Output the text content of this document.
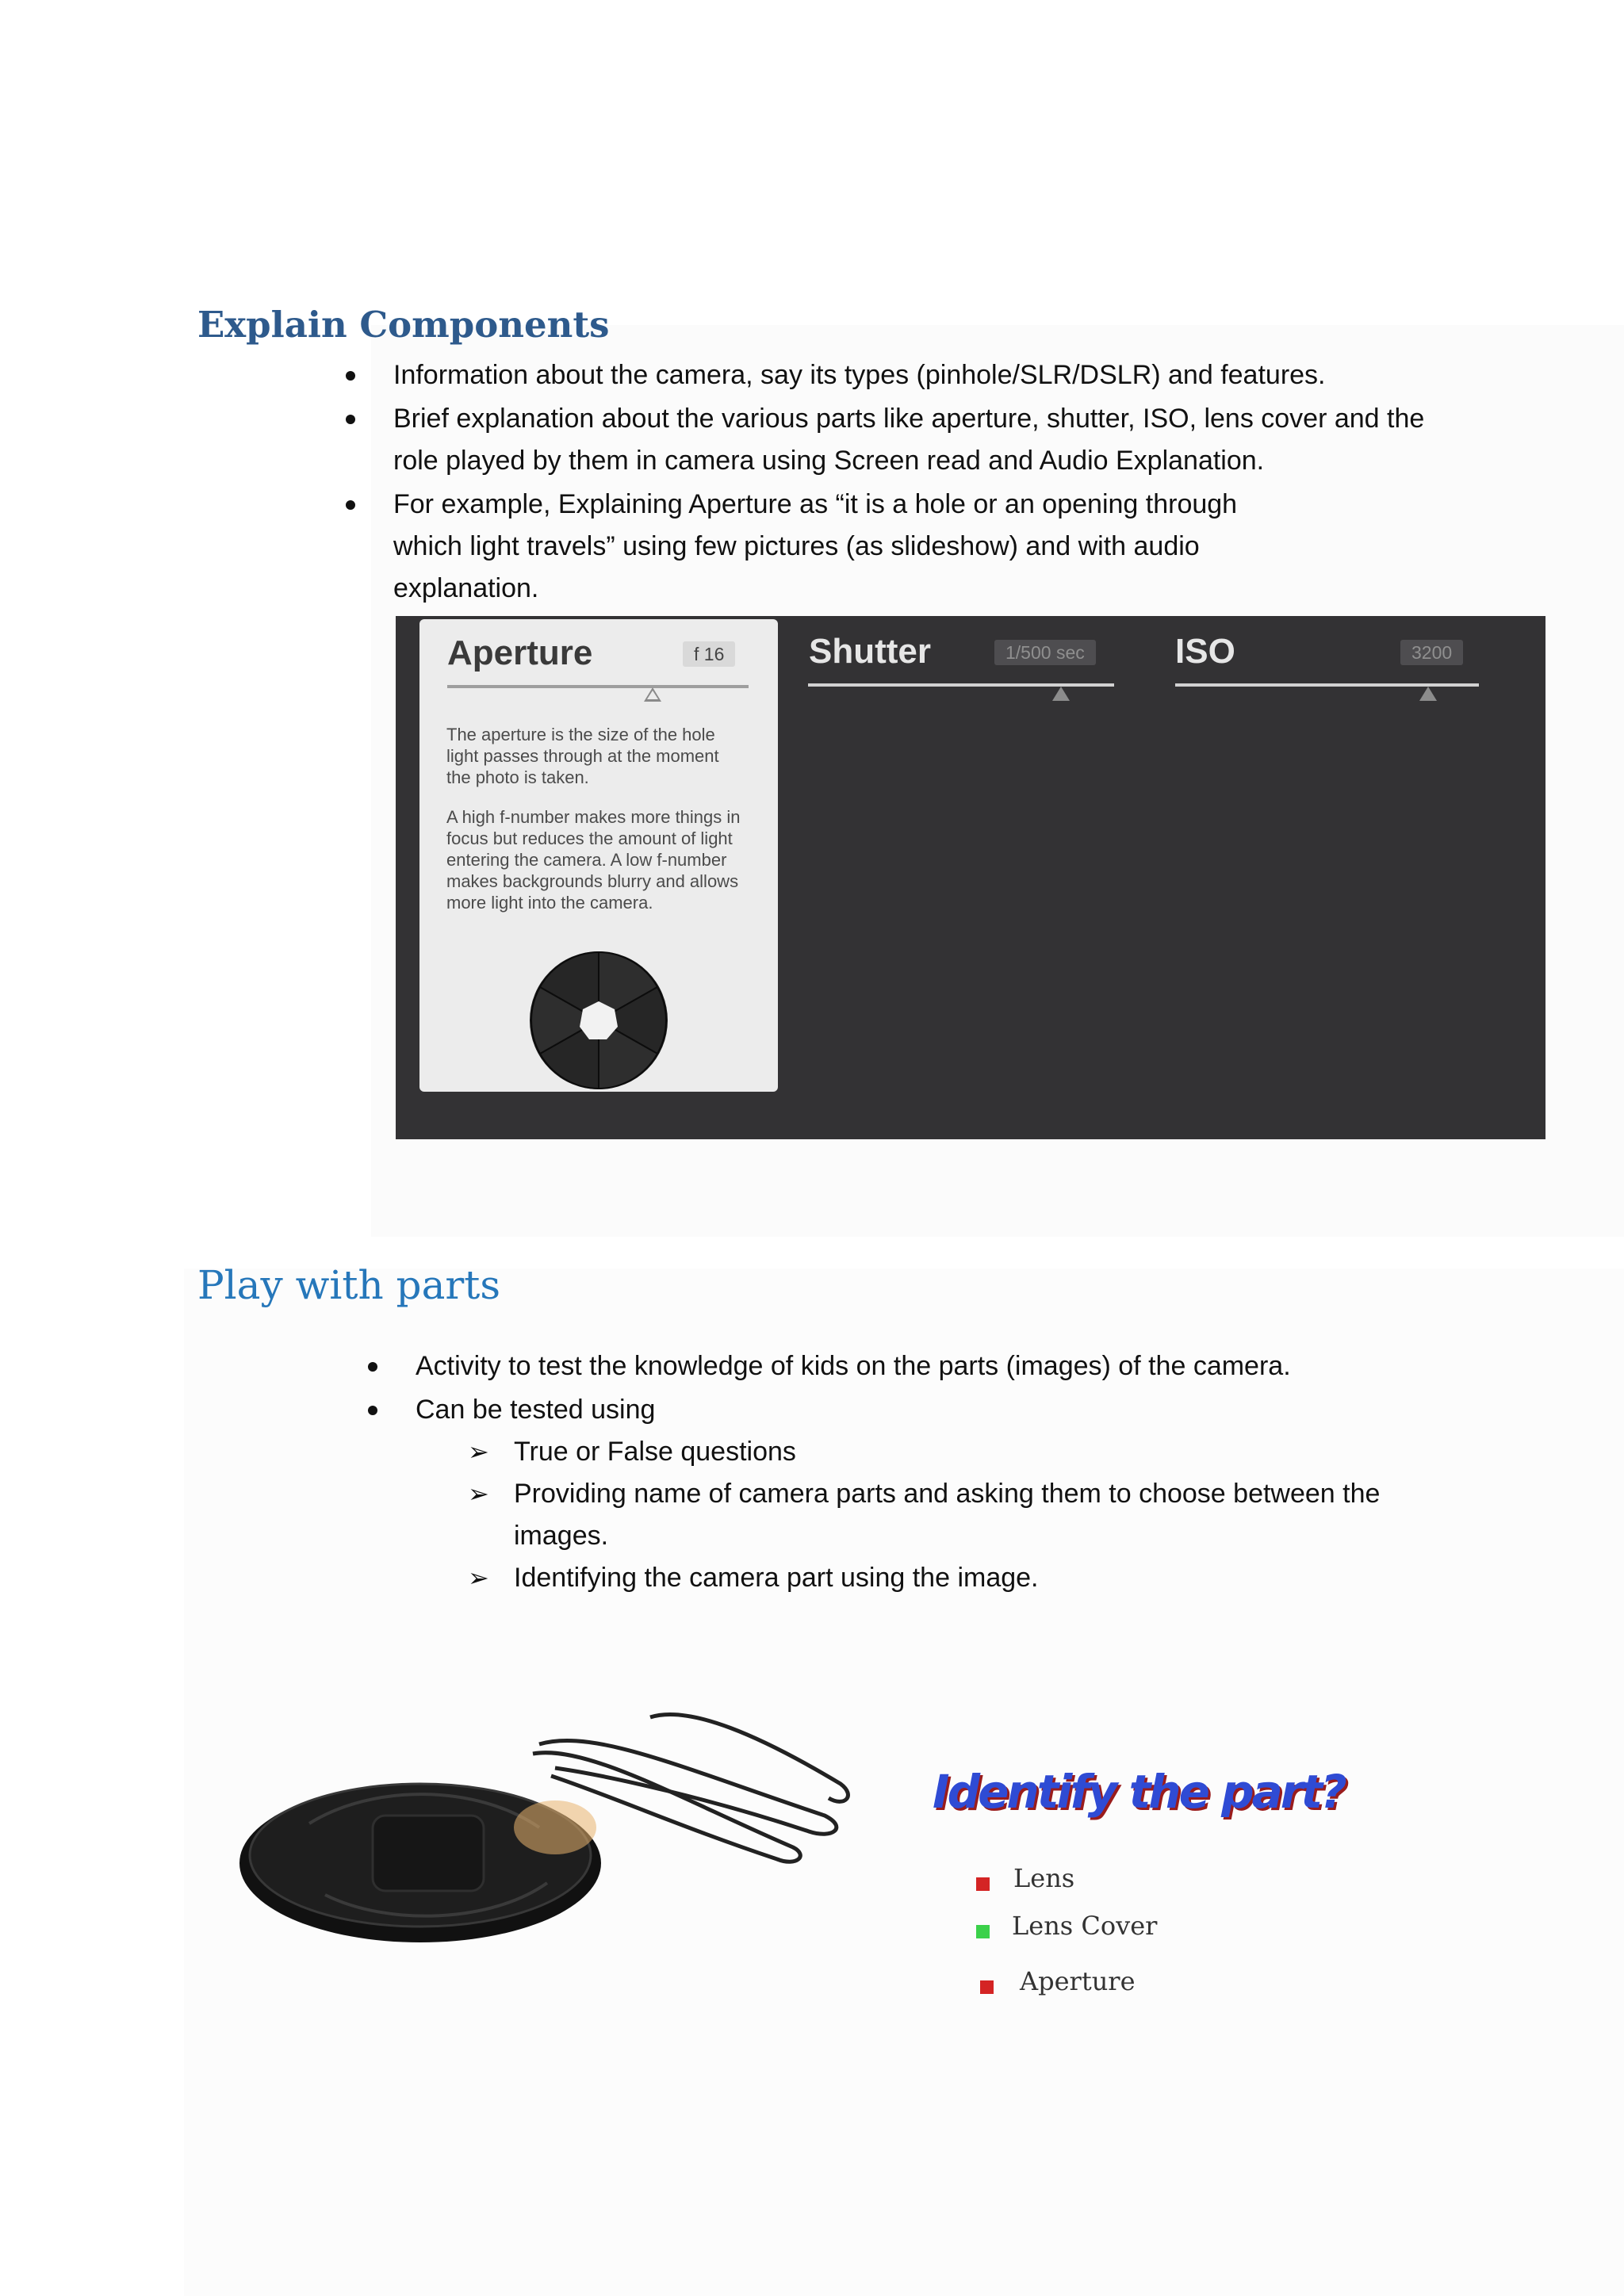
Explain Components
Information about the camera, say its types (pinhole/SLR/DSLR) and features.
Brief explanation about the various parts like aperture, shutter, ISO, lens cover and the role played by them in camera using Screen read and Audio Explanation.
For example, Explaining Aperture as “it is a hole or an opening through which light travels” using few pictures (as slideshow) and with audio explanation.
Aperture	f 16

The aperture is the size of the hole light passes through at the moment the photo is taken.

A high f-number makes more things in focus but reduces the amount of light entering the camera. A low f-number makes backgrounds blurry and allows more light into the camera.

Shutter	1/500 sec	ISO	3200
Play with parts
Activity to test the knowledge of kids on the parts (images) of the camera.
Can be tested using
➢ True or False questions
➢ Providing name of camera parts and asking them to choose between the images.
➢ Identifying the camera part using the image.
Identify the part?
Lens
Lens Cover
Aperture
